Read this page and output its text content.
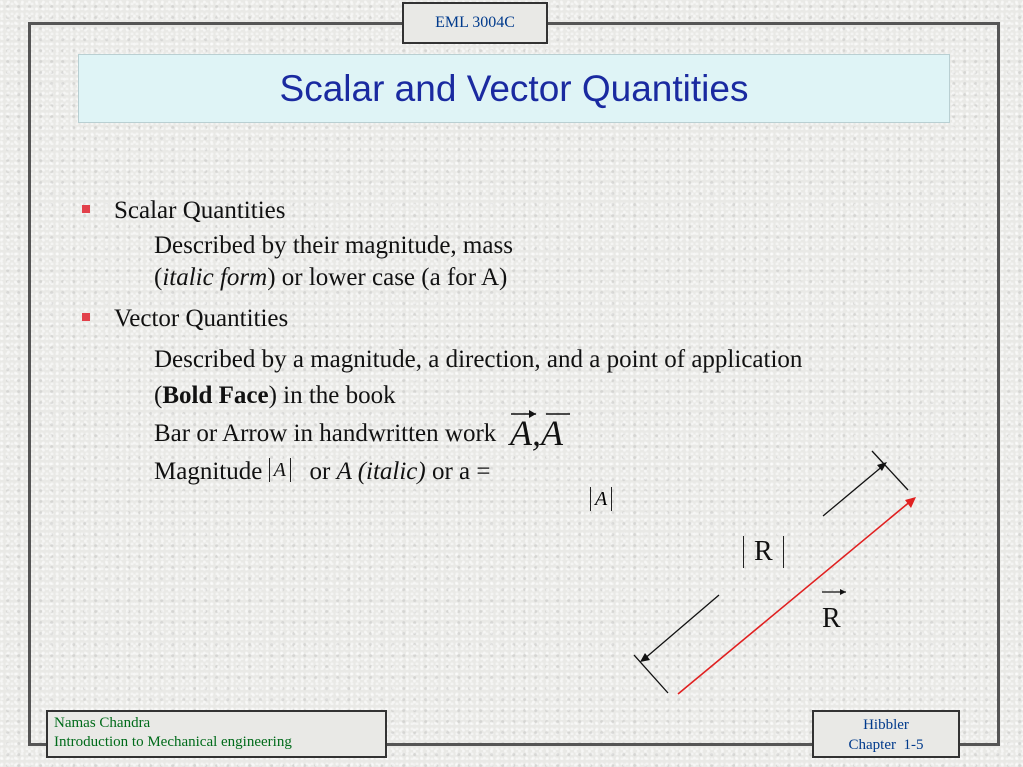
EML 3004C
Scalar and Vector Quantities
Scalar Quantities
Described by their magnitude, mass
(italic form) or lower case (a for A)
Vector Quantities
Described by a magnitude, a direction, and a point of application
(Bold Face) in the book
Bar or Arrow in handwritten work
Magnitude A or A (italic) or a =
A
A,A
R
R
Namas Chandra
Introduction to Mechanical engineering
Hibbler
Chapter  1-5
